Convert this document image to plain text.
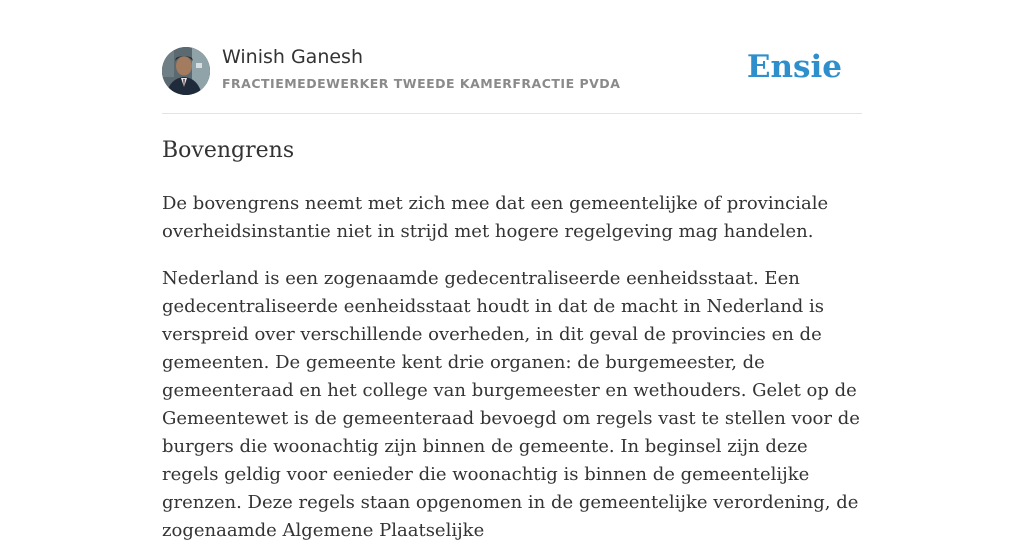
Winish Ganesh
FRACTIEMEDEWERKER TWEEDE KAMERFRACTIE PVDA	Ensie
Bovengrens

De bovengrens neemt met zich mee dat een gemeentelijke of provinciale overheidsinstantie niet in strijd met hogere regelgeving mag handelen.

Nederland is een zogenaamde gedecentraliseerde eenheidsstaat. Een gedecentraliseerde eenheidsstaat houdt in dat de macht in Nederland is verspreid over verschillende overheden, in dit geval de provincies en de gemeenten. De gemeente kent drie organen: de burgemeester, de gemeenteraad en het college van burgemeester en wethouders. Gelet op de Gemeentewet is de gemeenteraad bevoegd om regels vast te stellen voor de burgers die woonachtig zijn binnen de gemeente. In beginsel zijn deze regels geldig voor eenieder die woonachtig is binnen de gemeentelijke grenzen. Deze regels staan opgenomen in de gemeentelijke verordening, de zogenaamde Algemene Plaatselijke
